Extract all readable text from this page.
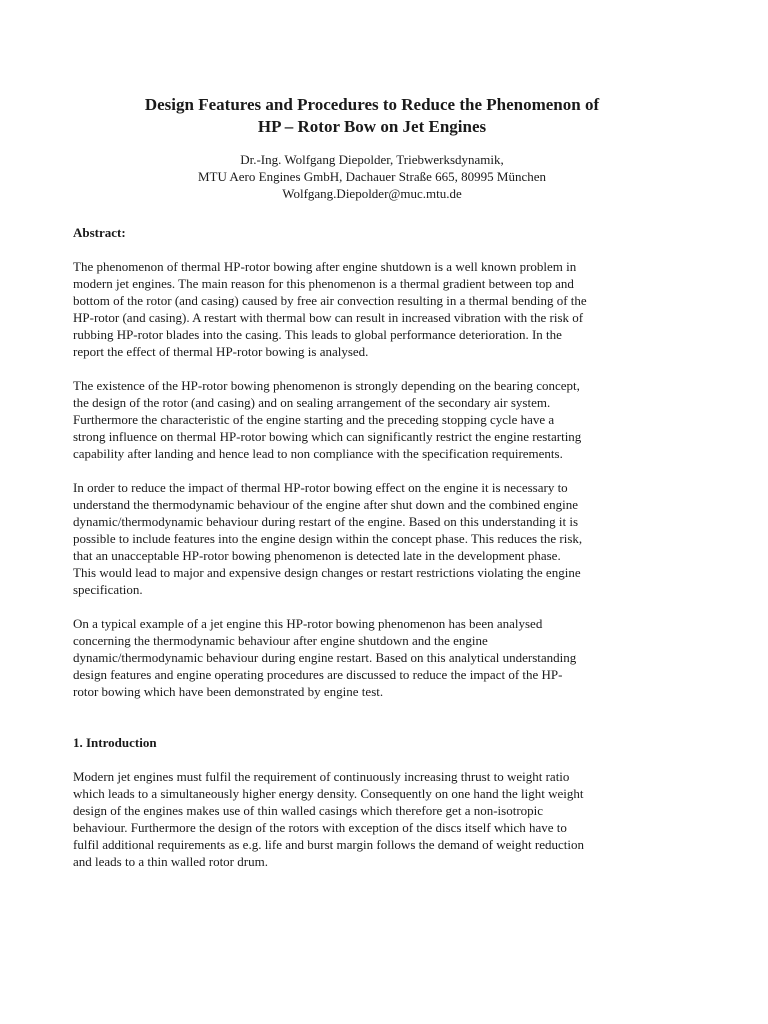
Design Features and Procedures to Reduce the Phenomenon of
HP – Rotor Bow on Jet Engines
Dr.-Ing. Wolfgang Diepolder, Triebwerksdynamik,
MTU Aero Engines GmbH, Dachauer Straße 665, 80995 München
Wolfgang.Diepolder@muc.mtu.de
Abstract:

The phenomenon of thermal HP-rotor bowing after engine shutdown is a well known problem in
modern jet engines. The main reason for this phenomenon is a thermal gradient between top and
bottom of the rotor (and casing) caused by free air convection resulting in a thermal bending of the
HP-rotor (and casing). A restart with thermal bow can result in increased vibration with the risk of
rubbing HP-rotor blades into the casing. This leads to global performance deterioration. In the
report the effect of thermal HP-rotor bowing is analysed.

The existence of the HP-rotor bowing phenomenon is strongly depending on the bearing concept,
the design of the rotor (and casing) and on sealing arrangement of the secondary air system.
Furthermore the characteristic of the engine starting and the preceding stopping cycle have a
strong influence on thermal HP-rotor bowing which can significantly restrict the engine restarting
capability after landing and hence lead to non compliance with the specification requirements.

In order to reduce the impact of thermal HP-rotor bowing effect on the engine it is necessary to
understand the thermodynamic behaviour of the engine after shut down and the combined engine
dynamic/thermodynamic behaviour during restart of the engine. Based on this understanding it is
possible to include features into the engine design within the concept phase. This reduces the risk,
that an unacceptable HP-rotor bowing phenomenon is detected late in the development phase.
This would lead to major and expensive design changes or restart restrictions violating the engine
specification.

On a typical example of a jet engine this HP-rotor bowing phenomenon has been analysed
concerning the thermodynamic behaviour after engine shutdown and the engine
dynamic/thermodynamic behaviour during engine restart. Based on this analytical understanding
design features and engine operating procedures are discussed to reduce the impact of the HP-
rotor bowing which have been demonstrated by engine test.

1. Introduction

Modern jet engines must fulfil the requirement of continuously increasing thrust to weight ratio
which leads to a simultaneously higher energy density. Consequently on one hand the light weight
design of the engines makes use of thin walled casings which therefore get a non-isotropic
behaviour. Furthermore the design of the rotors with exception of the discs itself which have to
fulfil additional requirements as e.g. life and burst margin follows the demand of weight reduction
and leads to a thin walled rotor drum.
